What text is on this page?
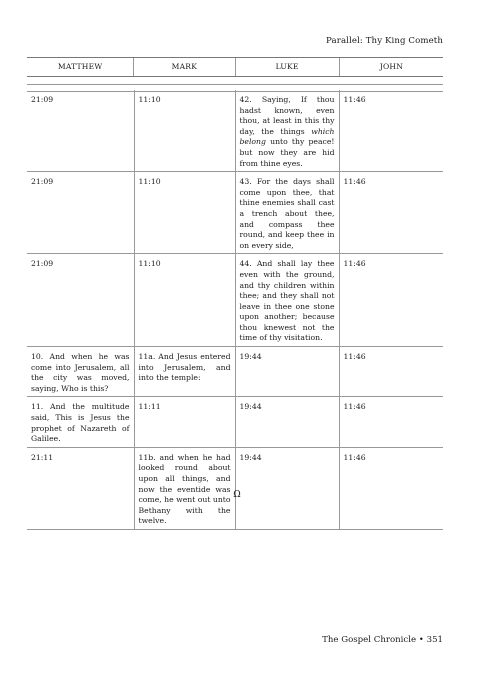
Parallel: Thy King Cometh
MATTHEW	MARK	LUKE	JOHN
21:09	11:10	42. Saying, If thou hadst known, even thou, at least in this thy day, the things which belong unto thy peace! but now they are hid from thine eyes.	11:46
21:09	11:10	43. For the days shall come upon thee, that thine enemies shall cast a trench about thee, and compass thee round, and keep thee in on every side,	11:46
21:09	11:10	44. And shall lay thee even with the ground, and thy children within thee; and they shall not leave in thee one stone upon another; because thou knewest not the time of thy visitation.	11:46
10. And when he was come into Jerusalem, all the city was moved, saying, Who is this?	11a. And Jesus entered into Jerusalem, and into the temple:	19:44	11:46
11. And the multitude said, This is Jesus the prophet of Nazareth of Galilee.	11:11	19:44	11:46
21:11	11b. and when he had looked round about upon all things, and now the eventide was come, he went out unto Bethany with the twelve.	19:44	11:46
Ω
The Gospel Chronicle • 351
